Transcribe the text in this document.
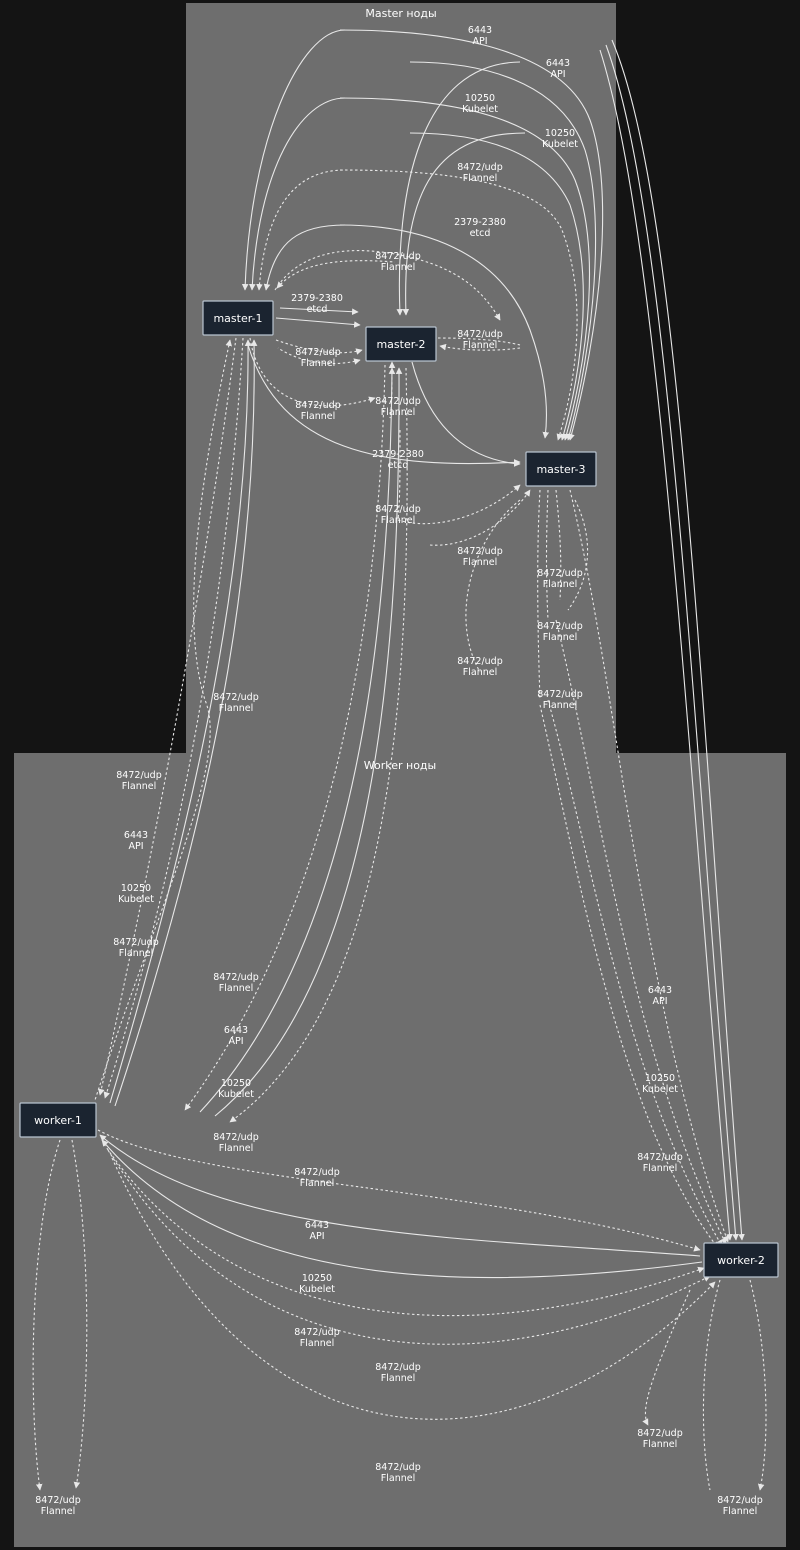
Master ноды
Worker ноды
master-1
master-2
master-3
worker-1
worker-2
6443
API
6443
API
10250
Kubelet
10250
Kubelet
8472/udp
Flannel
2379-2380
etcd
8472/udp
Flannel
2379-2380
etcd
8472/udp
Flannel
8472/udp
Flannel
8472/udp
Flannel
8472/udp
Flannel
2379-2380
etcd
8472/udp
Flannel
8472/udp
Flannel
8472/udp
Flannel
8472/udp
Flannel
8472/udp
Flannel
8472/udp
Flannel
8472/udp
Flannel
8472/udp
Flannel
6443
API
10250
Kubelet
8472/udp
Flannel
8472/udp
Flannel
6443
API
10250
Kubelet
8472/udp
Flannel
8472/udp
Flannel
6443
API
10250
Kubelet
8472/udp
Flannel
8472/udp
Flannel
8472/udp
Flannel
6443
API
10250
Kubelet
8472/udp
Flannel
8472/udp
Flannel
8472/udp
Flannel
8472/udp
Flannel
